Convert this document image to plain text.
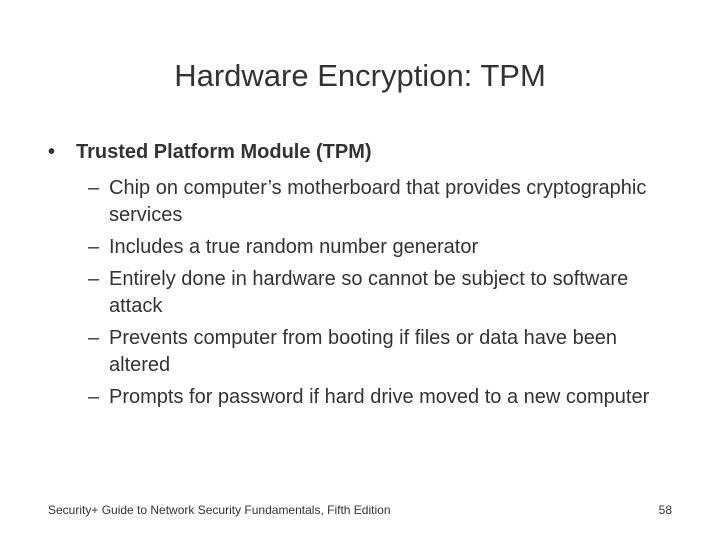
Hardware Encryption: TPM
• Trusted Platform Module (TPM)
– Chip on computer’s motherboard that provides cryptographic services
– Includes a true random number generator
– Entirely done in hardware so cannot be subject to software attack
– Prevents computer from booting if files or data have been altered
– Prompts for password if hard drive moved to a new computer
Security+ Guide to Network Security Fundamentals, Fifth Edition	58
